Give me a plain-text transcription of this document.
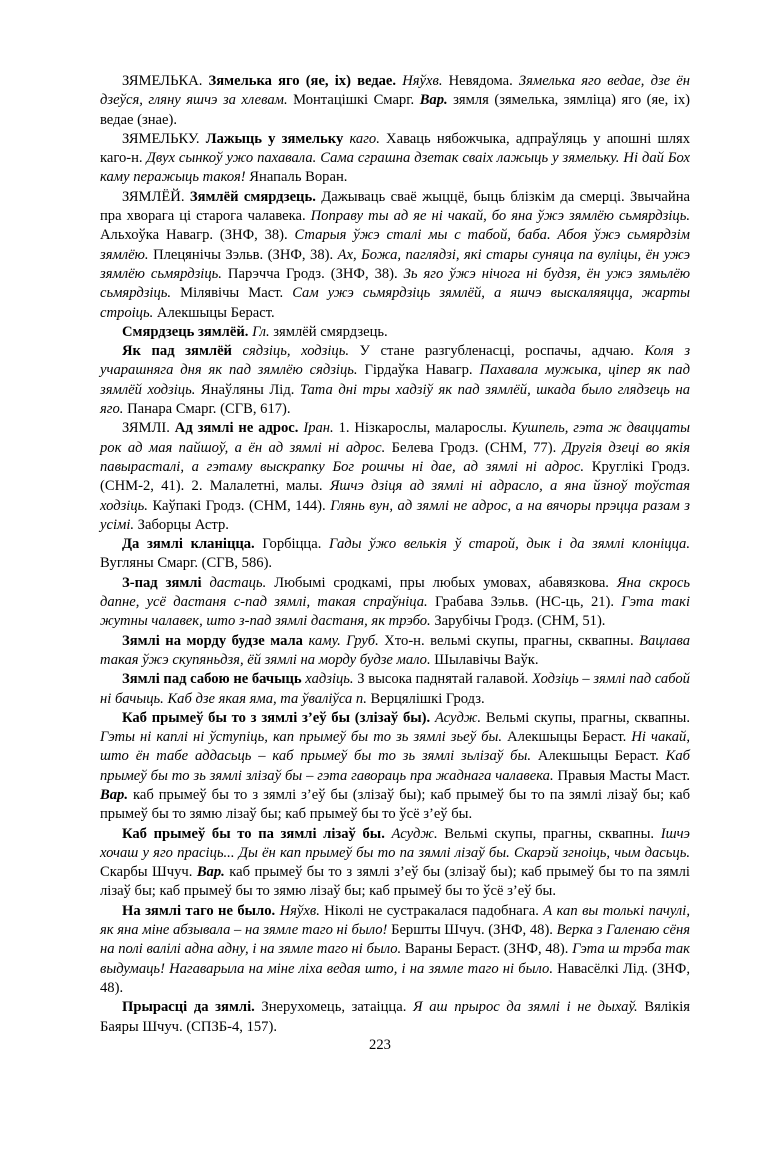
ЗЯМЕЛЬКА. Зямелька яго (яе, іх) ведае. Няўхв. Невядома. Зямелька яго ведае, дзе ён дзеўся, гляну яшчэ за хлевам. Монтацішкі Смарг. Вар. зямля (зямелька, зямліца) яго (яе, іх) ведае (знае).

ЗЯМЕЛЬКУ. Лажыць у зямельку каго. Хаваць нябожчыка, адпраўляць у апошні шлях каго-н. Двух сынкоў ужо пахавала. Сама сграшна дзетак сваіх лажыць у зямельку. Ні дай Бох каму перажыць такоя! Янапаль Воран.

ЗЯМЛЁЙ. Зямлёй смярдзець. Дажываць сваё жыццё, быць блізкім да смерці. Звычайна пра хворага ці старога чалавека. Поправу ты ад яе ні чакай, бо яна ўжэ зямлёю сьмярдзіць. Альхоўка Навагр. (ЗНФ, 38). Старыя ўжэ сталі мы с табой, баба. Абоя ўжэ сьмярдзім зямлёю. Плецянічы Зэльв. (ЗНФ, 38). Ах, Божа, паглядзі, які стары суняца па вуліцы, ён ужэ зямлёю сьмярдзіць. Парэчча Гродз. (ЗНФ, 38). Зь яго ўжэ нічога ні будзя, ён ужэ зямьлёю сьмярдзіць. Мілявічы Маст. Сам ужэ сьмярдзіць зямлёй, а яшчэ выскаляяцца, жарты строіць. Алекшыцы Бераст.

Смярдзець зямлёй. Гл. зямлёй смярдзець.

Як пад зямлёй сядзіць, ходзіць. У стане разгубленасці, роспачы, адчаю. Коля з учарашняга дня як пад зямлёю сядзіць. Гірдаўка Навагр. Пахавала мужыка, ціпер як пад зямлёй ходзіць. Янаўляны Лід. Тата дні тры хадзіў як пад зямлёй, шкада было глядзець на яго. Панара Смарг. (СГВ, 617).

ЗЯМЛІ. Ад зямлі не адрос. Іран. 1. Нізкарослы, маларослы. Кушпель, гэта ж дваццаты рок ад мая пайшоў, а ён ад зямлі ні адрос. Белева Гродз. (СНМ, 77). Другія дзеці во якія павырасталі, а гэтаму выскрапку Бог рошчы ні дае, ад зямлі ні адрос. Круглікі Гродз. (СНМ-2, 41). 2. Малалетні, малы. Яшчэ дзіця ад зямлі ні адрасло, а яна йзноў тоўстая ходзіць. Каўпакі Гродз. (СНМ, 144). Глянь вун, ад зямлі не адрос, а на вячоры прэцца разам з усімі. Заборцы Астр.

Да зямлі кланіцца. Горбіцца. Гады ўжо велькія ў старой, дык і да зямлі клоніцца. Вугляны Смарг. (СГВ, 586).

З-пад зямлі дастаць. Любымі сродкамі, пры любых умовах, абавязкова. Яна скрось дапне, усё дастаня с-пад зямлі, такая спраўніца. Грабава Зэльв. (НС-ць, 21). Гэта такі жутны чалавек, што з-пад зямлі дастаня, як трэбо. Зарубічы Гродз. (СНМ, 51).

Зямлі на морду будзе мала каму. Груб. Хто-н. вельмі скупы, прагны, сквапны. Вацлава такая ўжэ скупяньдзя, ёй зямлі на морду будзе мало. Шылавічы Ваўк.

Зямлі пад сабою не бачыць хадзіць. З высока паднятай галавой. Ходзіць – зямлі пад сабой ні бачыць. Каб дзе якая яма, та ўваліўса п. Верцялішкі Гродз.

Каб прымеў бы то з зямлі з’еў бы (злізаў бы). Асудж. Вельмі скупы, прагны, сквапны. Гэты ні каплі ні ўступіць, кап прымеў бы то зь зямлі зьеў бы. Алекшыцы Бераст. Ні чакай, што ён табе аддасьць – каб прымеў бы то зь зямлі зьлізаў бы. Алекшыцы Бераст. Каб прымеў бы то зь зямлі злізаў бы – гэта гавораць пра жаднага чалавека. Правыя Масты Маст. Вар. каб прымеў бы то з зямлі з’еў бы (злізаў бы); каб прымеў бы то па зямлі лізаў бы; каб прымеў бы то зямю лізаў бы; каб прымеў бы то ўсё з’еў бы.

Каб прымеў бы то па зямлі лізаў бы. Асудж. Вельмі скупы, прагны, сквапны. Ішчэ хочаш у яго прасіць... Ды ён кап прымеў бы то па зямлі лізаў бы. Скарэй згноіць, чым дасьць. Скарбы Шчуч. Вар. каб прымеў бы то з зямлі з’еў бы (злізаў бы); каб прымеў бы то па зямлі лізаў бы; каб прымеў бы то зямю лізаў бы; каб прымеў бы то ўсё з’еў бы.

На зямлі таго не было. Няўхв. Ніколі не сустракалася падобнага. А кап вы толькі пачулі, як яна міне абзывала – на зямле таго ні было! Бершты Шчуч. (ЗНФ, 48). Верка з Галенаю сёня на полі валілі адна адну, і на зямле таго ні было. Вараны Бераст. (ЗНФ, 48). Гэта ш трэба так выдумаць! Нагаварыла на міне ліха ведая што, і на зямле таго ні было. Навасёлкі Лід. (ЗНФ, 48).

Прырасці да зямлі. Знерухомець, затаіцца. Я аш прырос да зямлі і не дыхаў. Вялікія Баяры Шчуч. (СПЗБ-4, 157).

223
